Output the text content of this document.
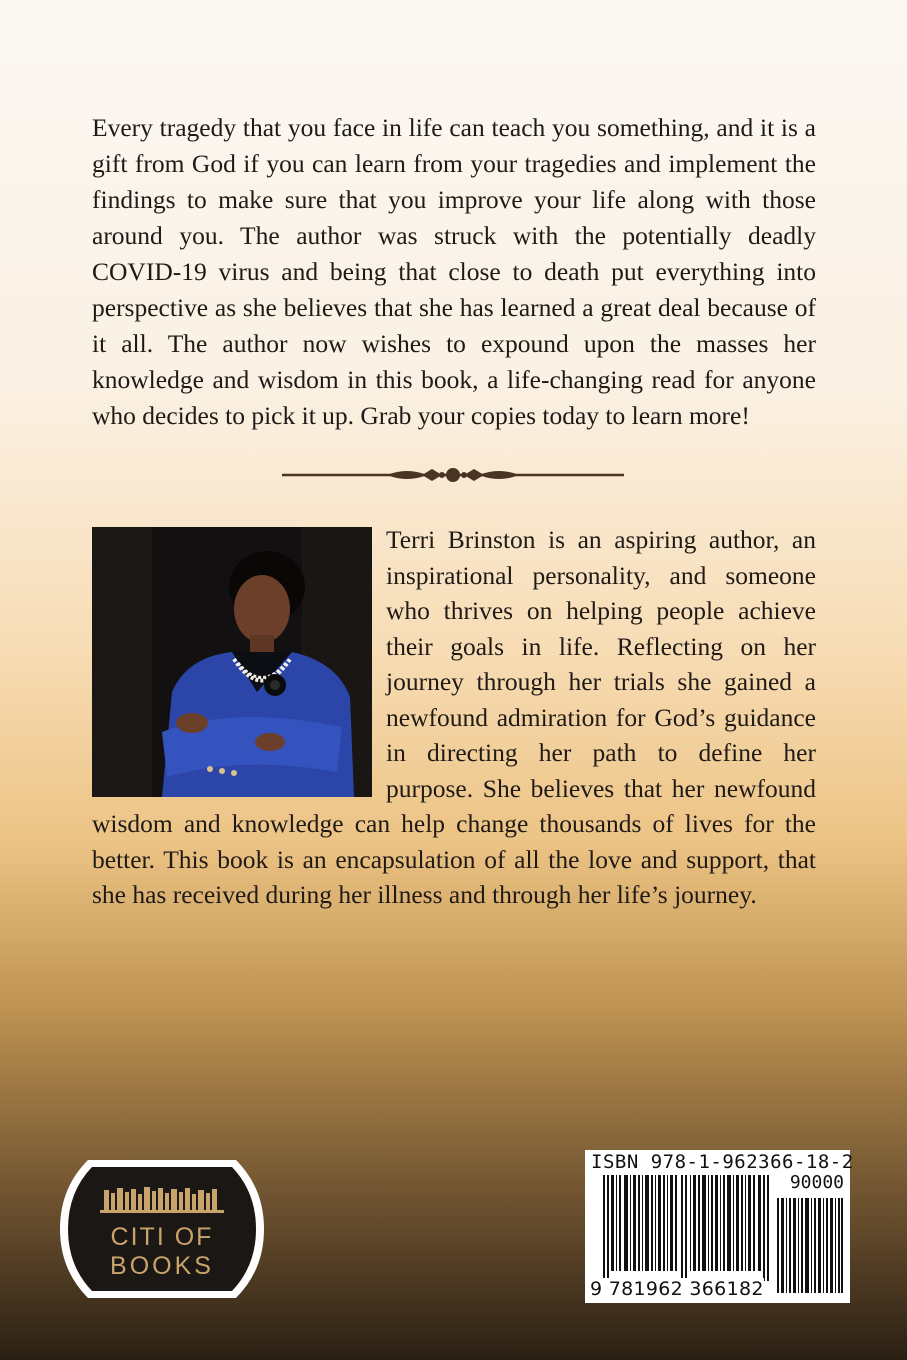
Every tragedy that you face in life can teach you something, and it is a gift from God if you can learn from your tragedies and implement the findings to make sure that you improve your life along with those around you. The author was struck with the potentially deadly COVID-19 virus and being that close to death put everything into perspective as she believes that she has learned a great deal because of it all. The author now wishes to expound upon the masses her knowledge and wisdom in this book, a life-changing read for anyone who decides to pick it up. Grab your copies today to learn more!

Terri Brinston is an aspiring author, an inspirational personality, and someone who thrives on helping people achieve their goals in life. Reflecting on her journey through her trials she gained a newfound admiration for God’s guidance in directing her path to define her purpose. She believes that her newfound wisdom and knowledge can help change thousands of lives for the better. This book is an encapsulation of all the love and support, that she has received during her illness and through her life’s journey.

CITI OF
BOOKS
ISBN 978-1-962366-18-2
90000
9 781962 366182
